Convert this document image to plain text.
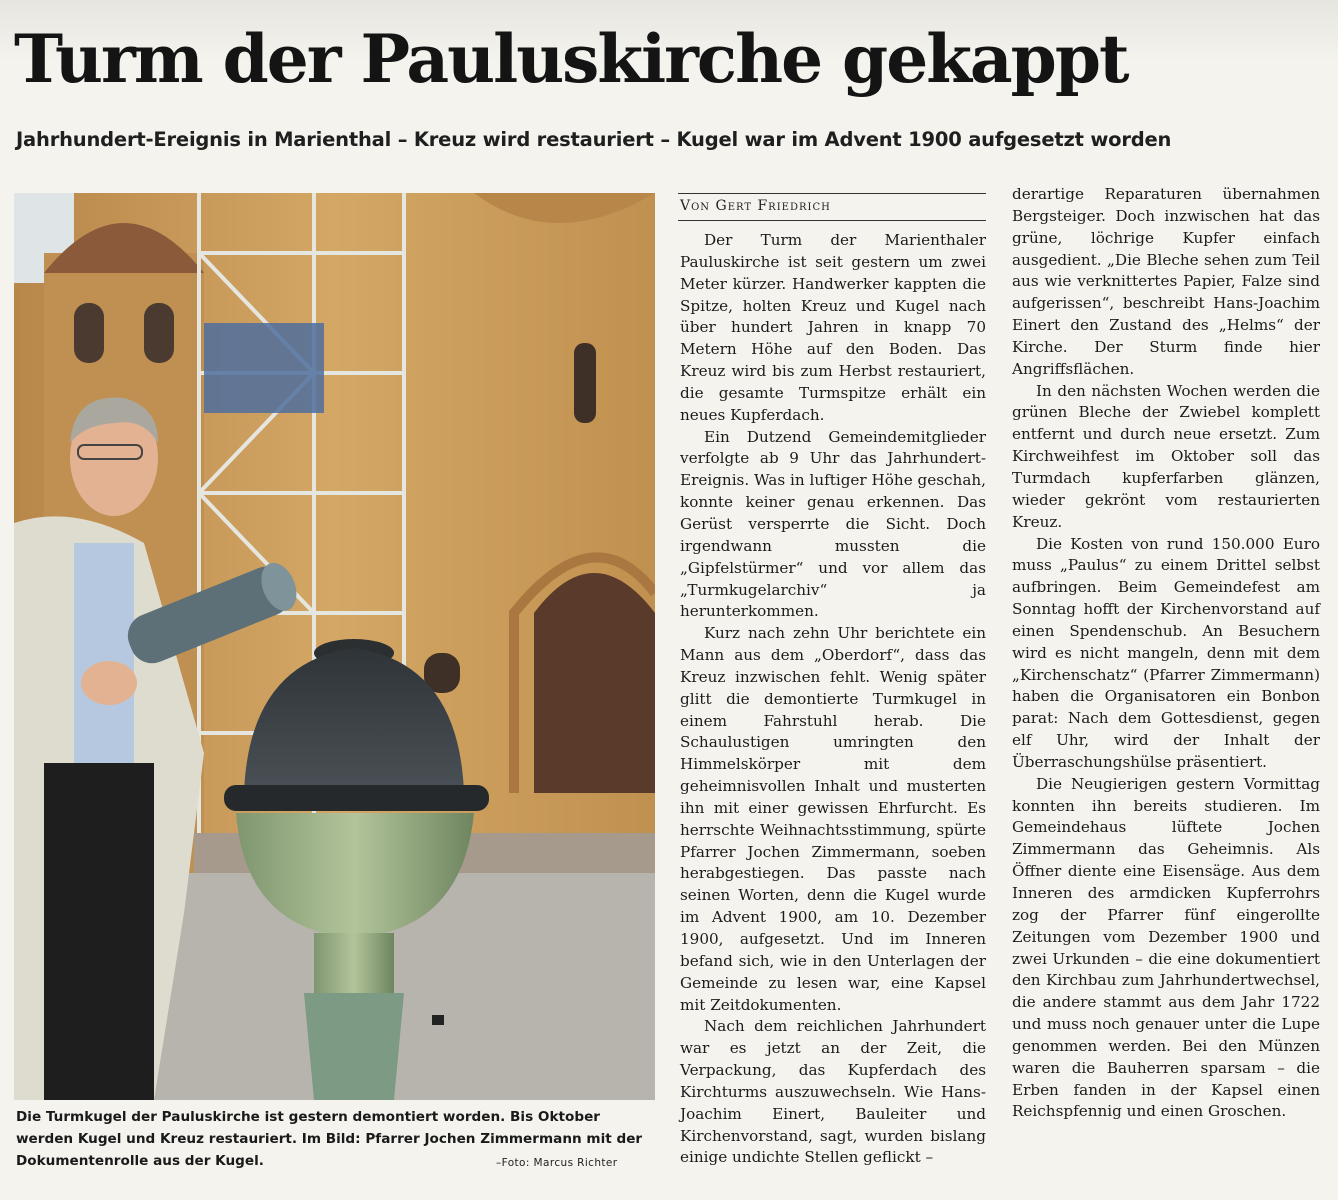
Turm der Pauluskirche gekappt
Jahrhundert-Ereignis in Marienthal – Kreuz wird restauriert – Kugel war im Advent 1900 aufgesetzt worden
Die Turmkugel der Pauluskirche ist gestern demontiert worden. Bis Oktober werden Kugel und Kreuz restauriert. Im Bild: Pfarrer Jochen Zimmermann mit der Dokumentenrolle aus der Kugel.	–Foto: Marcus Richter
Von Gert Friedrich

Der Turm der Marienthaler Pauluskirche ist seit gestern um zwei Meter kürzer. Handwerker kappten die Spitze, holten Kreuz und Kugel nach über hundert Jahren in knapp 70 Metern Höhe auf den Boden. Das Kreuz wird bis zum Herbst restauriert, die gesamte Turmspitze erhält ein neues Kupferdach.

Ein Dutzend Gemeindemitglieder verfolgte ab 9 Uhr das Jahrhundert-Ereignis. Was in luftiger Höhe geschah, konnte keiner genau erkennen. Das Gerüst versperrte die Sicht. Doch irgendwann mussten die „Gipfelstürmer“ und vor allem das „Turmkugelarchiv“ ja herunterkommen.

Kurz nach zehn Uhr berichtete ein Mann aus dem „Oberdorf“, dass das Kreuz inzwischen fehlt. Wenig später glitt die demontierte Turmkugel in einem Fahrstuhl herab. Die Schaulustigen umringten den Himmelskörper mit dem geheimnisvollen Inhalt und musterten ihn mit einer gewissen Ehrfurcht. Es herrschte Weihnachtsstimmung, spürte Pfarrer Jochen Zimmermann, soeben herabgestiegen. Das passte nach seinen Worten, denn die Kugel wurde im Advent 1900, am 10. Dezember 1900, aufgesetzt. Und im Inneren befand sich, wie in den Unterlagen der Gemeinde zu lesen war, eine Kapsel mit Zeitdokumenten.

Nach dem reichlichen Jahrhundert war es jetzt an der Zeit, die Verpackung, das Kupferdach des Kirchturms auszuwechseln. Wie Hans-Joachim Einert, Bauleiter und Kirchenvorstand, sagt, wurden bislang einige undichte Stellen geflickt –

derartige Reparaturen übernahmen Bergsteiger. Doch inzwischen hat das grüne, löchrige Kupfer einfach ausgedient. „Die Bleche sehen zum Teil aus wie verknittertes Papier, Falze sind aufgerissen“, beschreibt Hans-Joachim Einert den Zustand des „Helms“ der Kirche. Der Sturm finde hier Angriffsflächen.

In den nächsten Wochen werden die grünen Bleche der Zwiebel komplett entfernt und durch neue ersetzt. Zum Kirchweihfest im Oktober soll das Turmdach kupferfarben glänzen, wieder gekrönt vom restaurierten Kreuz.

Die Kosten von rund 150.000 Euro muss „Paulus“ zu einem Drittel selbst aufbringen. Beim Gemeindefest am Sonntag hofft der Kirchenvorstand auf einen Spendenschub. An Besuchern wird es nicht mangeln, denn mit dem „Kirchenschatz“ (Pfarrer Zimmermann) haben die Organisatoren ein Bonbon parat: Nach dem Gottesdienst, gegen elf Uhr, wird der Inhalt der Überraschungshülse präsentiert.

Die Neugierigen gestern Vormittag konnten ihn bereits studieren. Im Gemeindehaus lüftete Jochen Zimmermann das Geheimnis. Als Öffner diente eine Eisensäge. Aus dem Inneren des armdicken Kupferrohrs zog der Pfarrer fünf eingerollte Zeitungen vom Dezember 1900 und zwei Urkunden – die eine dokumentiert den Kirchbau zum Jahrhundertwechsel, die andere stammt aus dem Jahr 1722 und muss noch genauer unter die Lupe genommen werden. Bei den Münzen waren die Bauherren sparsam – die Erben fanden in der Kapsel einen Reichspfennig und einen Groschen.
